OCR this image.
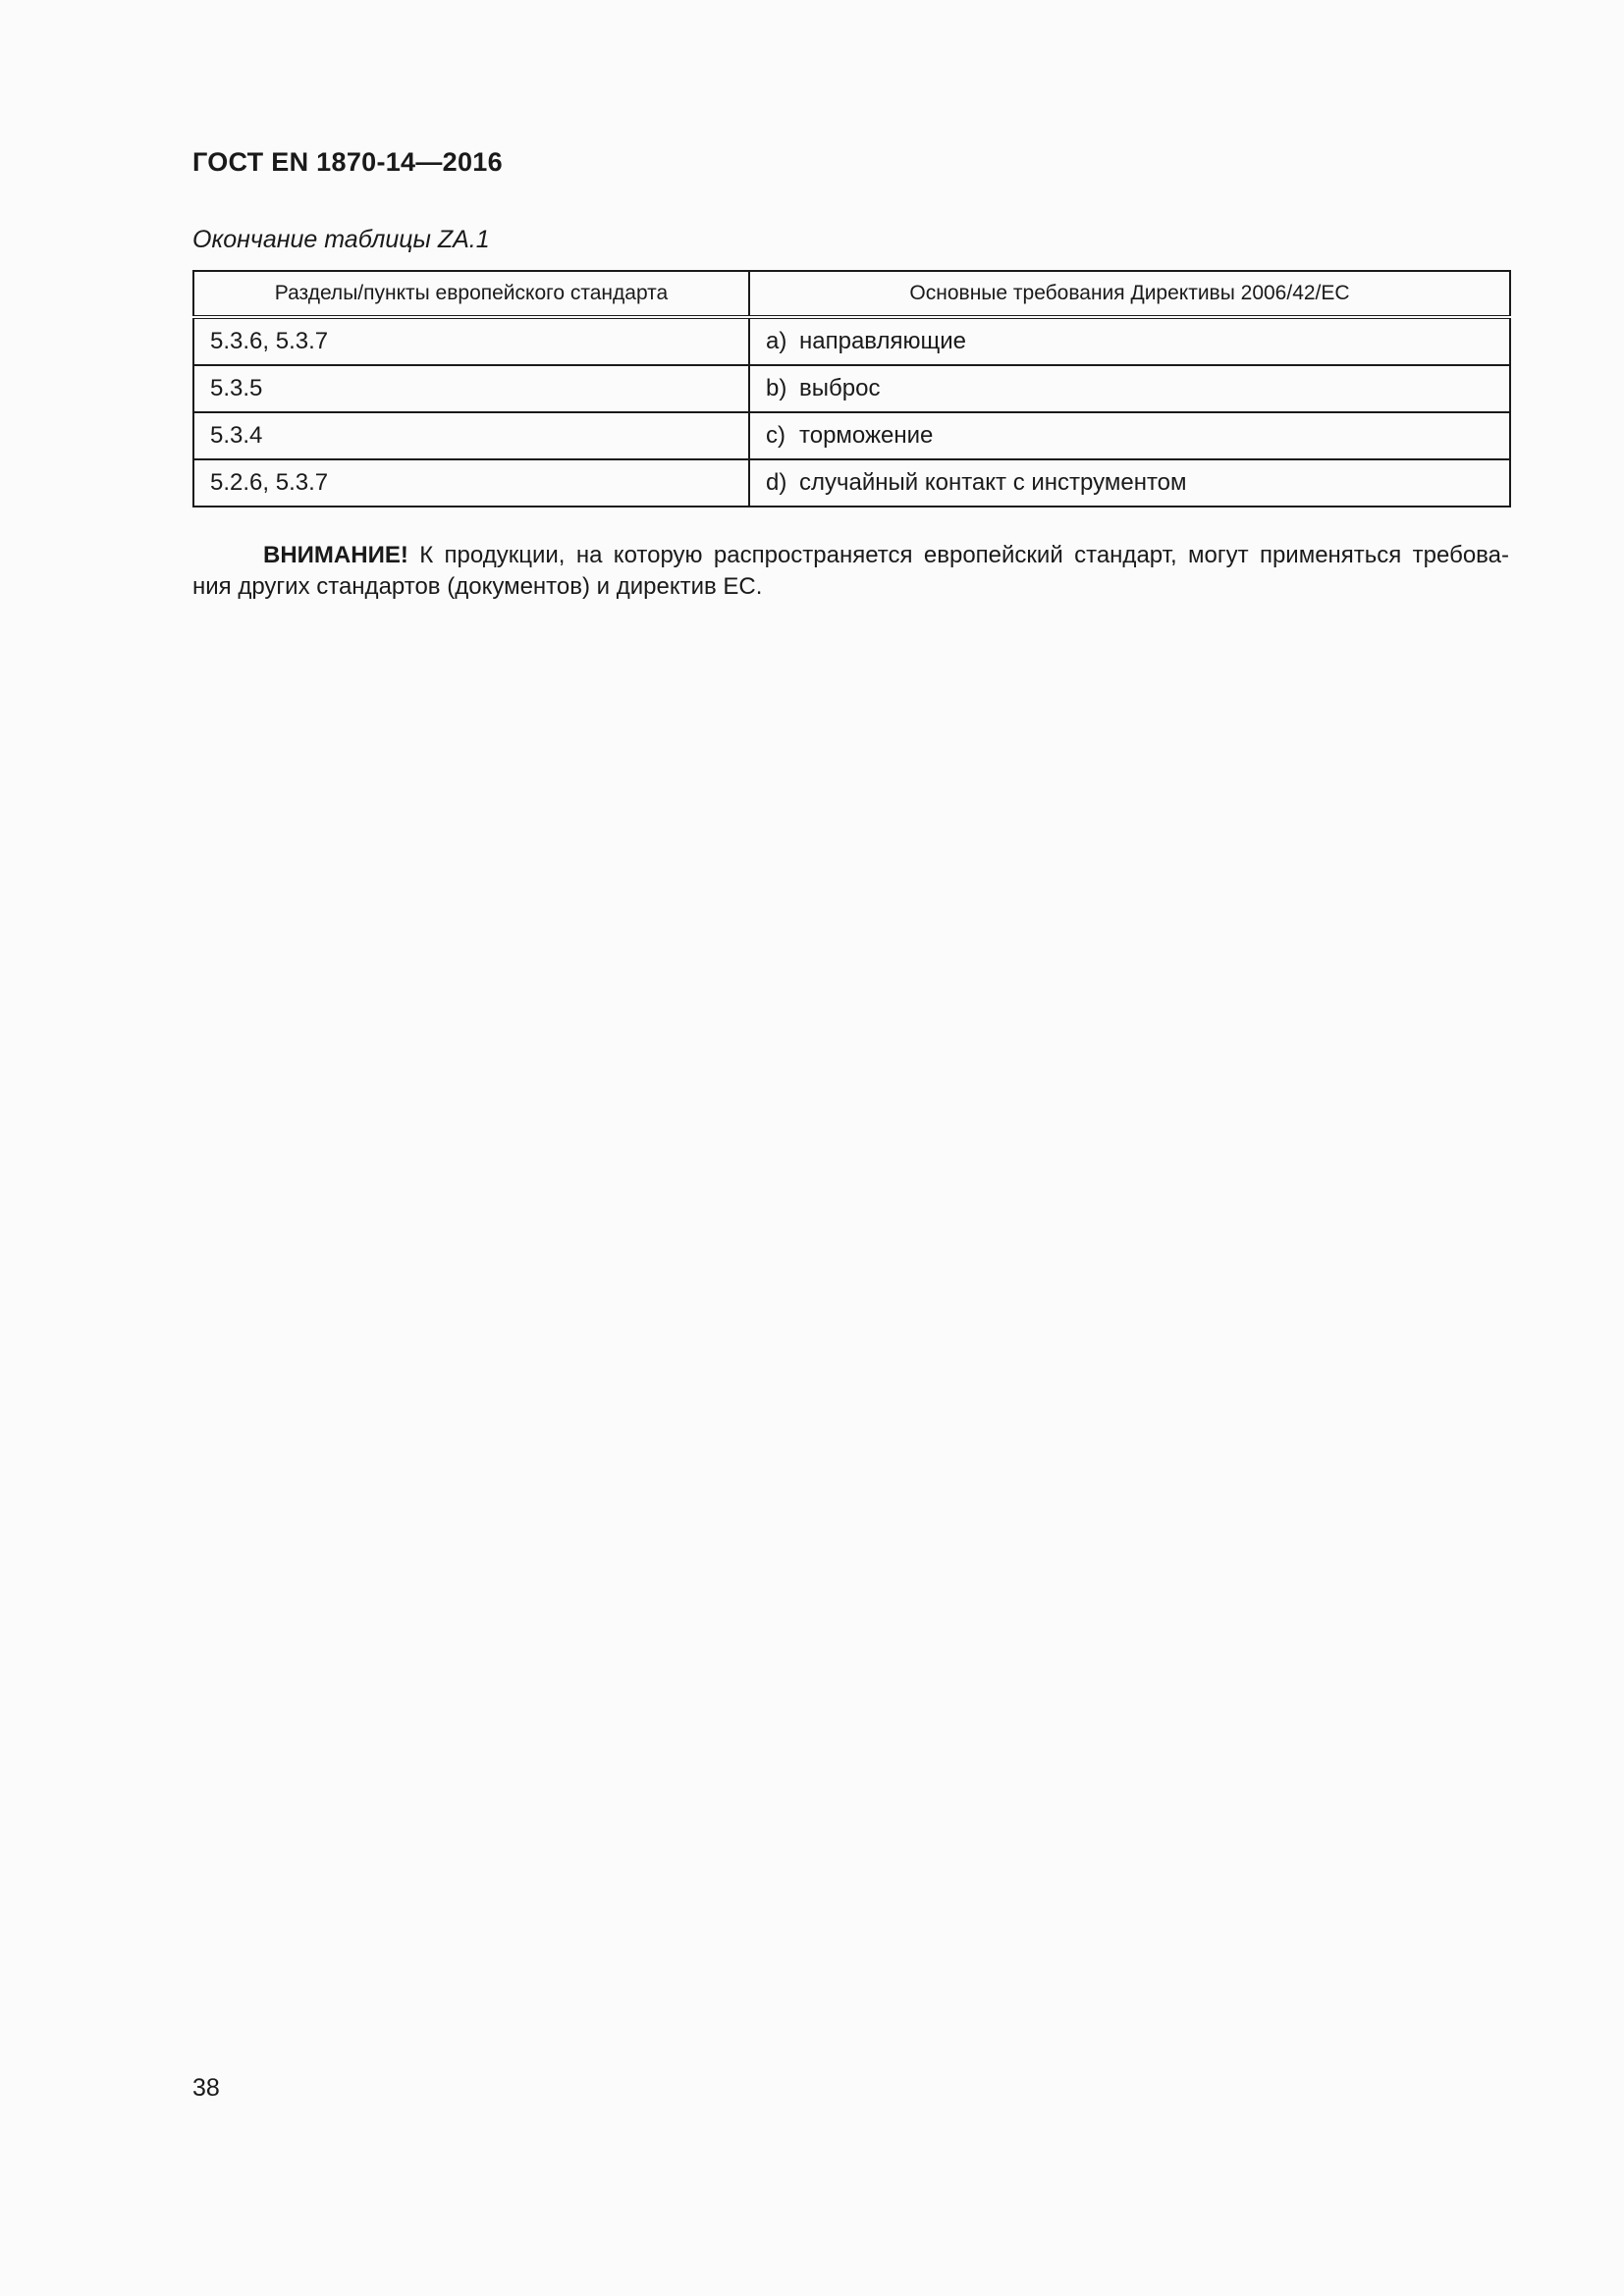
ГОСТ EN 1870-14—2016
Окончание таблицы ZA.1
Разделы/пункты европейского стандарта	Основные требования Директивы 2006/42/ЕС
5.3.6, 5.3.7	a) направляющие
5.3.5	b) выброс
5.3.4	c) торможение
5.2.6, 5.3.7	d) случайный контакт с инструментом
ВНИМАНИЕ! К продукции, на которую распространяется европейский стандарт, могут применяться требова-
ния других стандартов (документов) и директив ЕС.
38
